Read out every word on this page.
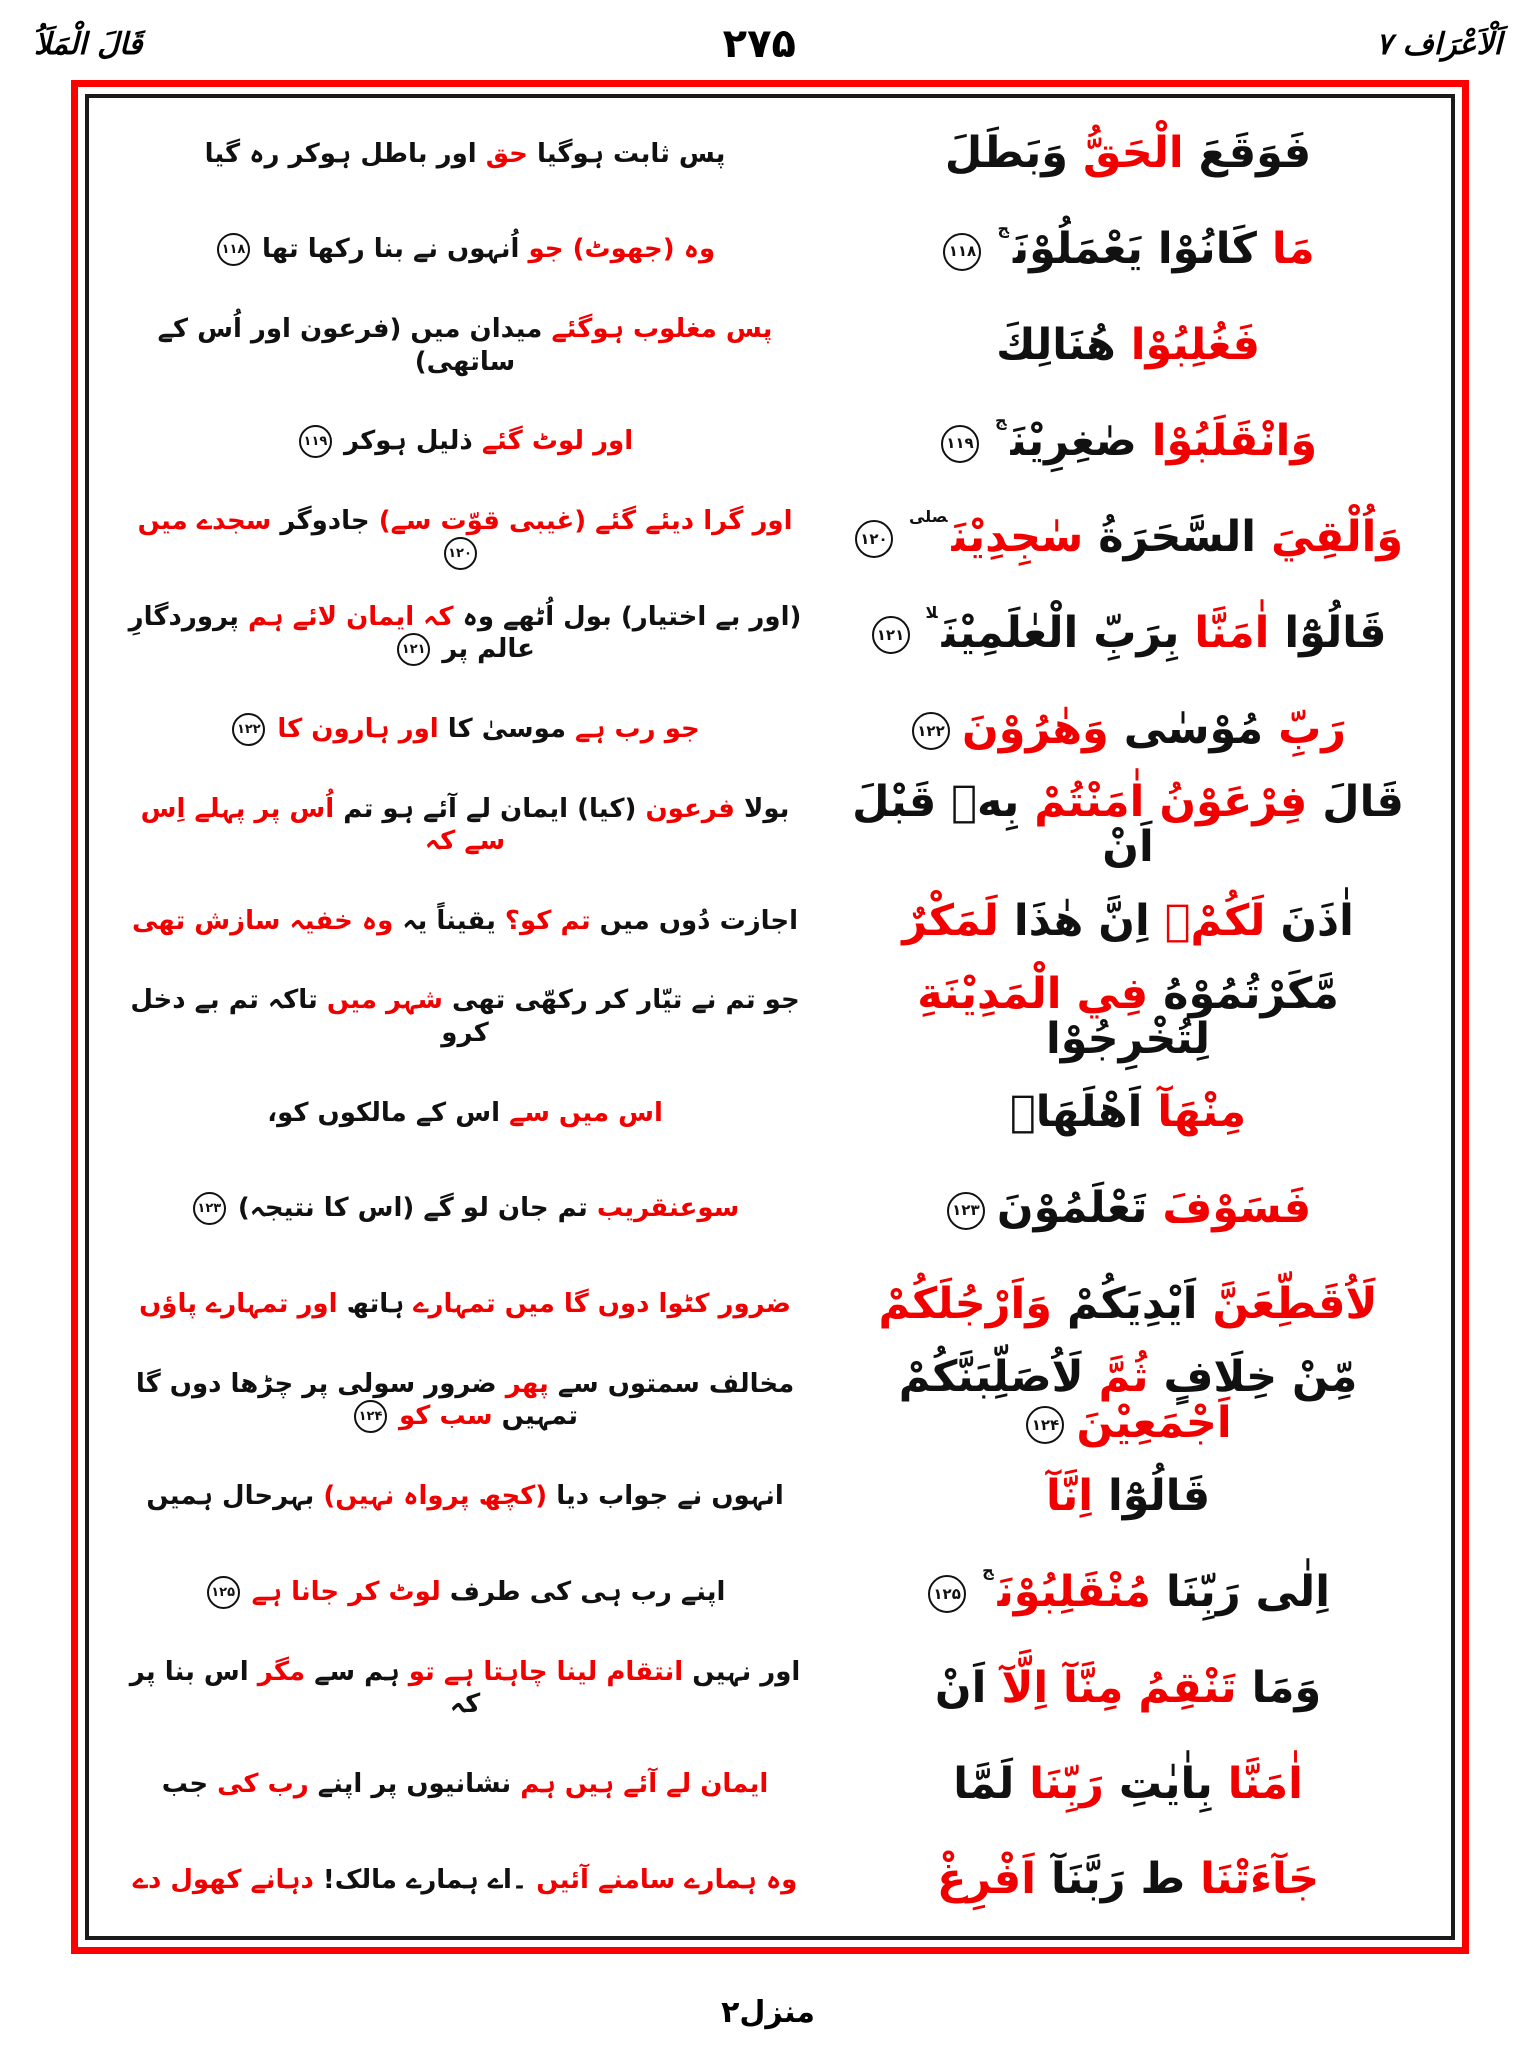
قَالَ الْمَلَاُ	۲۷۵	اَلْاَعْرَاف ۷
فَوَقَعَ الْحَقُّ وَبَطَلَ
پس ثابت ہوگیا حق اور باطل ہوکر رہ گیا
مَا كَانُوْا يَعْمَلُوْنَ$^ج$۱۱۸
وہ (جھوٹ) جو اُنہوں نے بنا رکھا تھا۱۱۸
فَغُلِبُوْا هُنَالِكَ
پس مغلوب ہوگئے میدان میں (فرعون اور اُس کے ساتھی)
وَانْقَلَبُوْا صٰغِرِيْنَ$^ج$۱۱۹
اور لوٹ گئے ذلیل ہوکر۱۱۹
وَاُلْقِيَ السَّحَرَةُ سٰجِدِيْنَ$^{صلی}$۱۲۰
اور گرا دیئے گئے (غیبی قوّت سے) جادوگر سجدے میں۱۲۰
قَالُوْٓا اٰمَنَّا بِرَبِّ الْعٰلَمِيْنَ$^{لا}$۱۲۱
(اور بے اختیار) بول اُٹھے وہ کہ ایمان لائے ہم پروردگارِ عالم پر۱۲۱
رَبِّ مُوْسٰى وَهٰرُوْنَ۱۲۲
جو رب ہے موسیٰ کا اور ہارون کا۱۲۲
قَالَ فِرْعَوْنُ اٰمَنْتُمْ بِهٖ قَبْلَ اَنْ
بولا فرعون (کیا) ایمان لے آئے ہو تم اُس پر پہلے اِس سے کہ
اٰذَنَ لَكُمْۚ اِنَّ هٰذَا لَمَكْرٌ
اجازت دُوں میں تم کو؟ یقیناً یہ وہ خفیہ سازش تھی
مَّكَرْتُمُوْهُ فِي الْمَدِيْنَةِ لِتُخْرِجُوْا
جو تم نے تیّار کر رکھّی تھی شہر میں تاکہ تم بے دخل کرو
مِنْهَآ اَهْلَهَاۚ
اس میں سے اس کے مالکوں کو،
فَسَوْفَ تَعْلَمُوْنَ۱۲۳
سوعنقریب تم جان لو گے (اس کا نتیجہ)۱۲۳
لَاُقَطِّعَنَّ اَيْدِيَكُمْ وَاَرْجُلَكُمْ
ضرور کٹوا دوں گا میں تمہارے ہاتھ اور تمہارے پاؤں
مِّنْ خِلَافٍ ثُمَّ لَاُصَلِّبَنَّكُمْ اَجْمَعِيْنَ۱۲۴
مخالف سمتوں سے پھر ضرور سولی پر چڑھا دوں گا تمہیں سب کو۱۲۴
قَالُوْٓا اِنَّآ
انہوں نے جواب دیا (کچھ پرواہ نہیں) بہرحال ہمیں
اِلٰى رَبِّنَا مُنْقَلِبُوْنَ$^ج$۱۲۵
اپنے رب ہی کی طرف لوٹ کر جانا ہے۱۲۵
وَمَا تَنْقِمُ مِنَّآ اِلَّآ اَنْ
اور نہیں انتقام لینا چاہتا ہے تو ہم سے مگر اس بنا پر کہ
اٰمَنَّا بِاٰيٰتِ رَبِّنَا لَمَّا
ایمان لے آئے ہیں ہم نشانیوں پر اپنے رب کی جب
جَآءَتْنَا ط رَبَّنَآ اَفْرِغْ
وہ ہمارے سامنے آئیں ۔اے ہمارے مالک! دہانے کھول دے
منزل۲
